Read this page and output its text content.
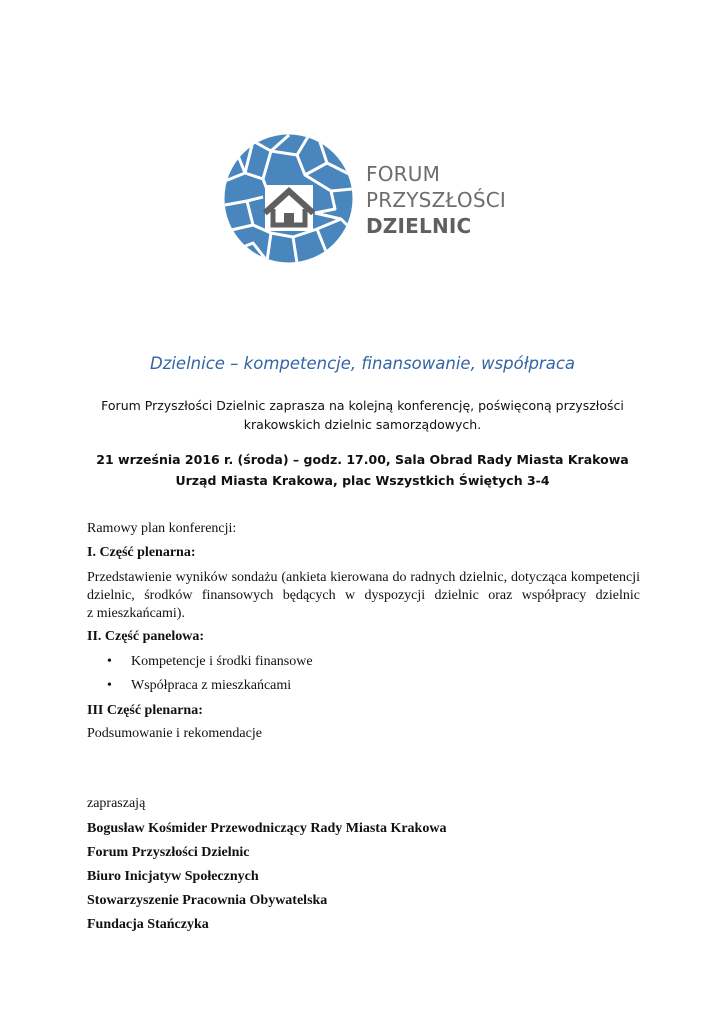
FORUM
PRZYSZŁOŚCI
DZIELNIC
Dzielnice – kompetencje, finansowanie, współpraca
Forum Przyszłości Dzielnic zaprasza na kolejną konferencję, poświęconą przyszłości
krakowskich dzielnic samorządowych.
21 września 2016 r. (środa) – godz. 17.00, Sala Obrad Rady Miasta Krakowa
Urząd Miasta Krakowa, plac Wszystkich Świętych 3-4
Ramowy plan konferencji:
I. Część plenarna:
Przedstawienie wyników sondażu (ankieta kierowana do radnych dzielnic, dotycząca kompetencji
dzielnic, środków finansowych będących w dyspozycji dzielnic oraz współpracy dzielnic
z mieszkańcami).
II. Część panelowa:
• Kompetencje i środki finansowe
• Współpraca z mieszkańcami
III Część plenarna:
Podsumowanie i rekomendacje
zapraszają
Bogusław Kośmider Przewodniczący Rady Miasta Krakowa
Forum Przyszłości Dzielnic
Biuro Inicjatyw Społecznych
Stowarzyszenie Pracownia Obywatelska
Fundacja Stańczyka
